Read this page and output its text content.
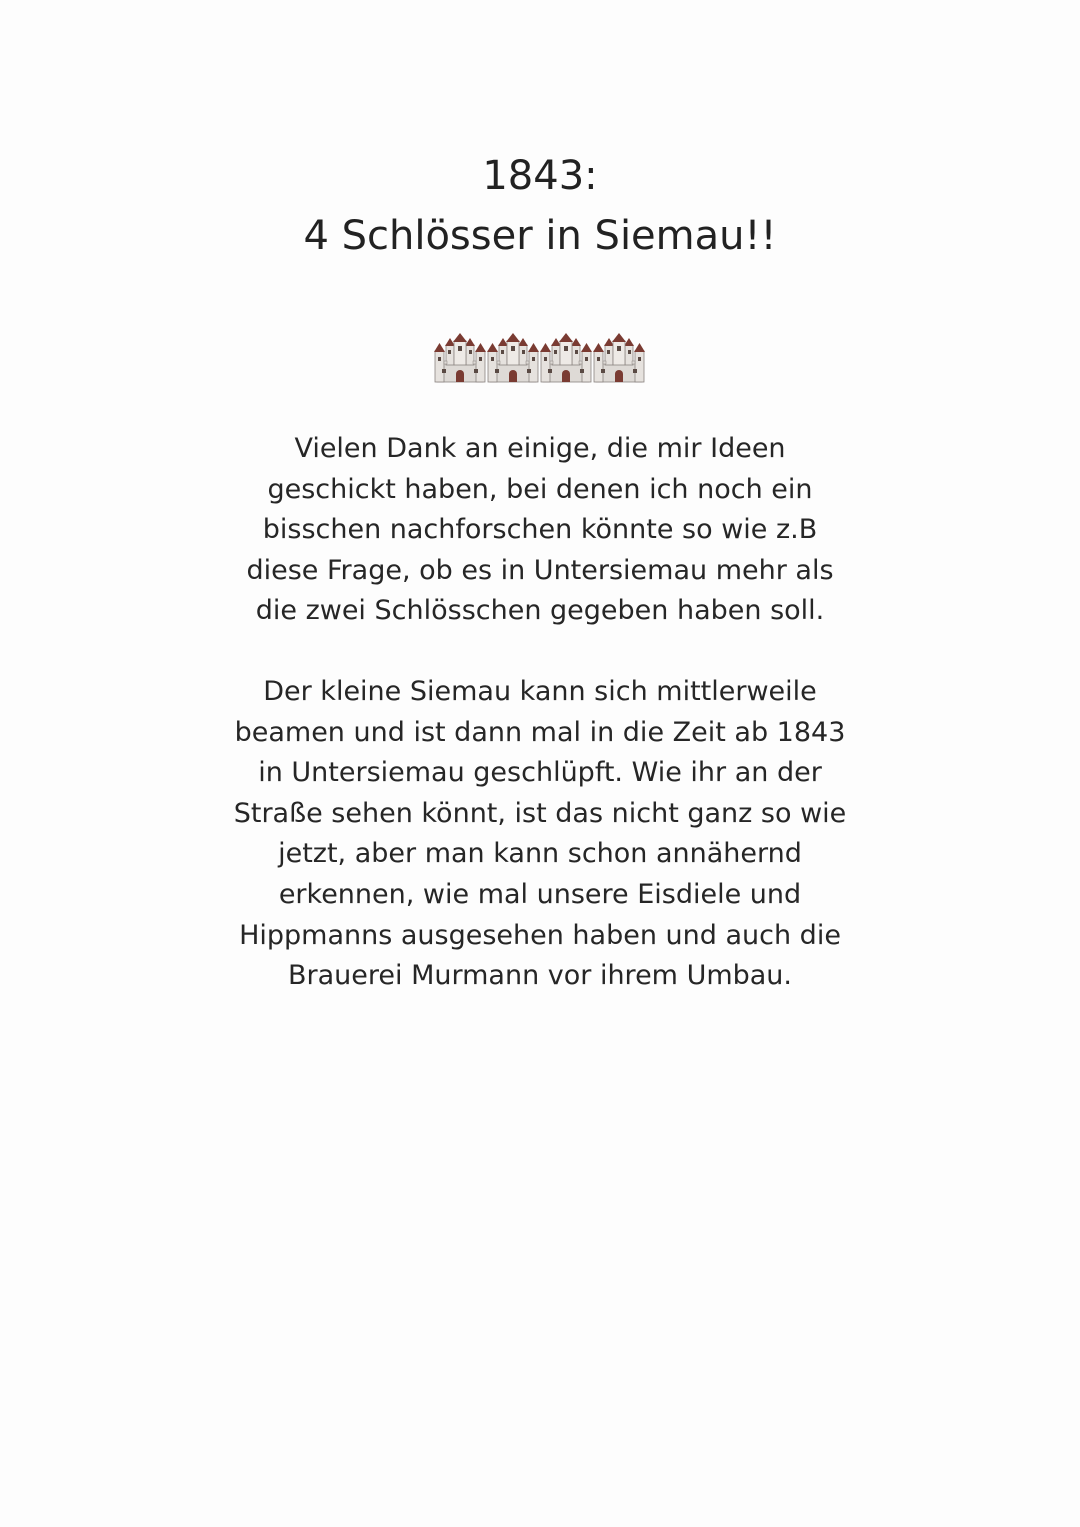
1843:
4 Schlösser in Siemau!!

Vielen Dank an einige, die mir Ideen
geschickt haben, bei denen ich noch ein
bisschen nachforschen könnte so wie z.B
diese Frage, ob es in Untersiemau mehr als
die zwei Schlösschen gegeben haben soll.

Der kleine Siemau kann sich mittlerweile
beamen und ist dann mal in die Zeit ab 1843
in Untersiemau geschlüpft. Wie ihr an der
Straße sehen könnt, ist das nicht ganz so wie
jetzt, aber man kann schon annähernd
erkennen, wie mal unsere Eisdiele und
Hippmanns ausgesehen haben und auch die
Brauerei Murmann vor ihrem Umbau.
